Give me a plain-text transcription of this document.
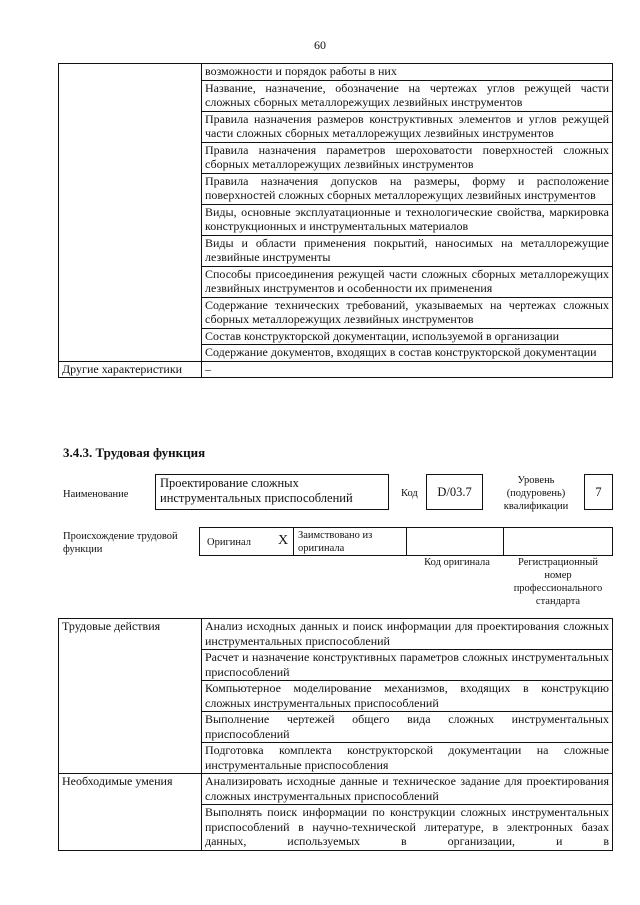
60
	возможности и порядок работы в них
	Название, назначение, обозначение на чертежах углов режущей части сложных сборных металлорежущих лезвийных инструментов
	Правила назначения размеров конструктивных элементов и углов режущей части сложных сборных металлорежущих лезвийных инструментов
	Правила назначения параметров шероховатости поверхностей сложных сборных металлорежущих лезвийных инструментов
	Правила назначения допусков на размеры, форму и расположение поверхностей сложных сборных металлорежущих лезвийных инструментов
	Виды, основные эксплуатационные и технологические свойства, маркировка конструкционных и инструментальных материалов
	Виды и области применения покрытий, наносимых на металлорежущие лезвийные инструменты
	Способы присоединения режущей части сложных сборных металлорежущих лезвийных инструментов и особенности их применения
	Содержание технических требований, указываемых на чертежах сложных сборных металлорежущих лезвийных инструментов
	Состав конструкторской документации, используемой в организации
	Содержание документов, входящих в состав конструкторской документации
Другие характеристики	–
3.4.3. Трудовая функция
Наименование
Проектирование сложных инструментальных приспособлений	Код	D/03.7
Уровень (подуровень) квалификации
7
Происхождение трудовой функции
Оригинал X Заимствовано из оригинала
Код оригинала	Регистрационный номер профессионального стандарта
Трудовые действия	Анализ исходных данных и поиск информации для проектирования сложных инструментальных приспособлений
	Расчет и назначение конструктивных параметров сложных инструментальных приспособлений
	Компьютерное моделирование механизмов, входящих в конструкцию сложных инструментальных приспособлений
	Выполнение чертежей общего вида сложных инструментальных приспособлений
	Подготовка комплекта конструкторской документации на сложные инструментальные приспособления
Необходимые умения	Анализировать исходные данные и техническое задание для проектирования сложных инструментальных приспособлений
	Выполнять поиск информации по конструкции сложных инструментальных приспособлений в научно-технической литературе, в электронных базах данных, используемых в организации, и в
